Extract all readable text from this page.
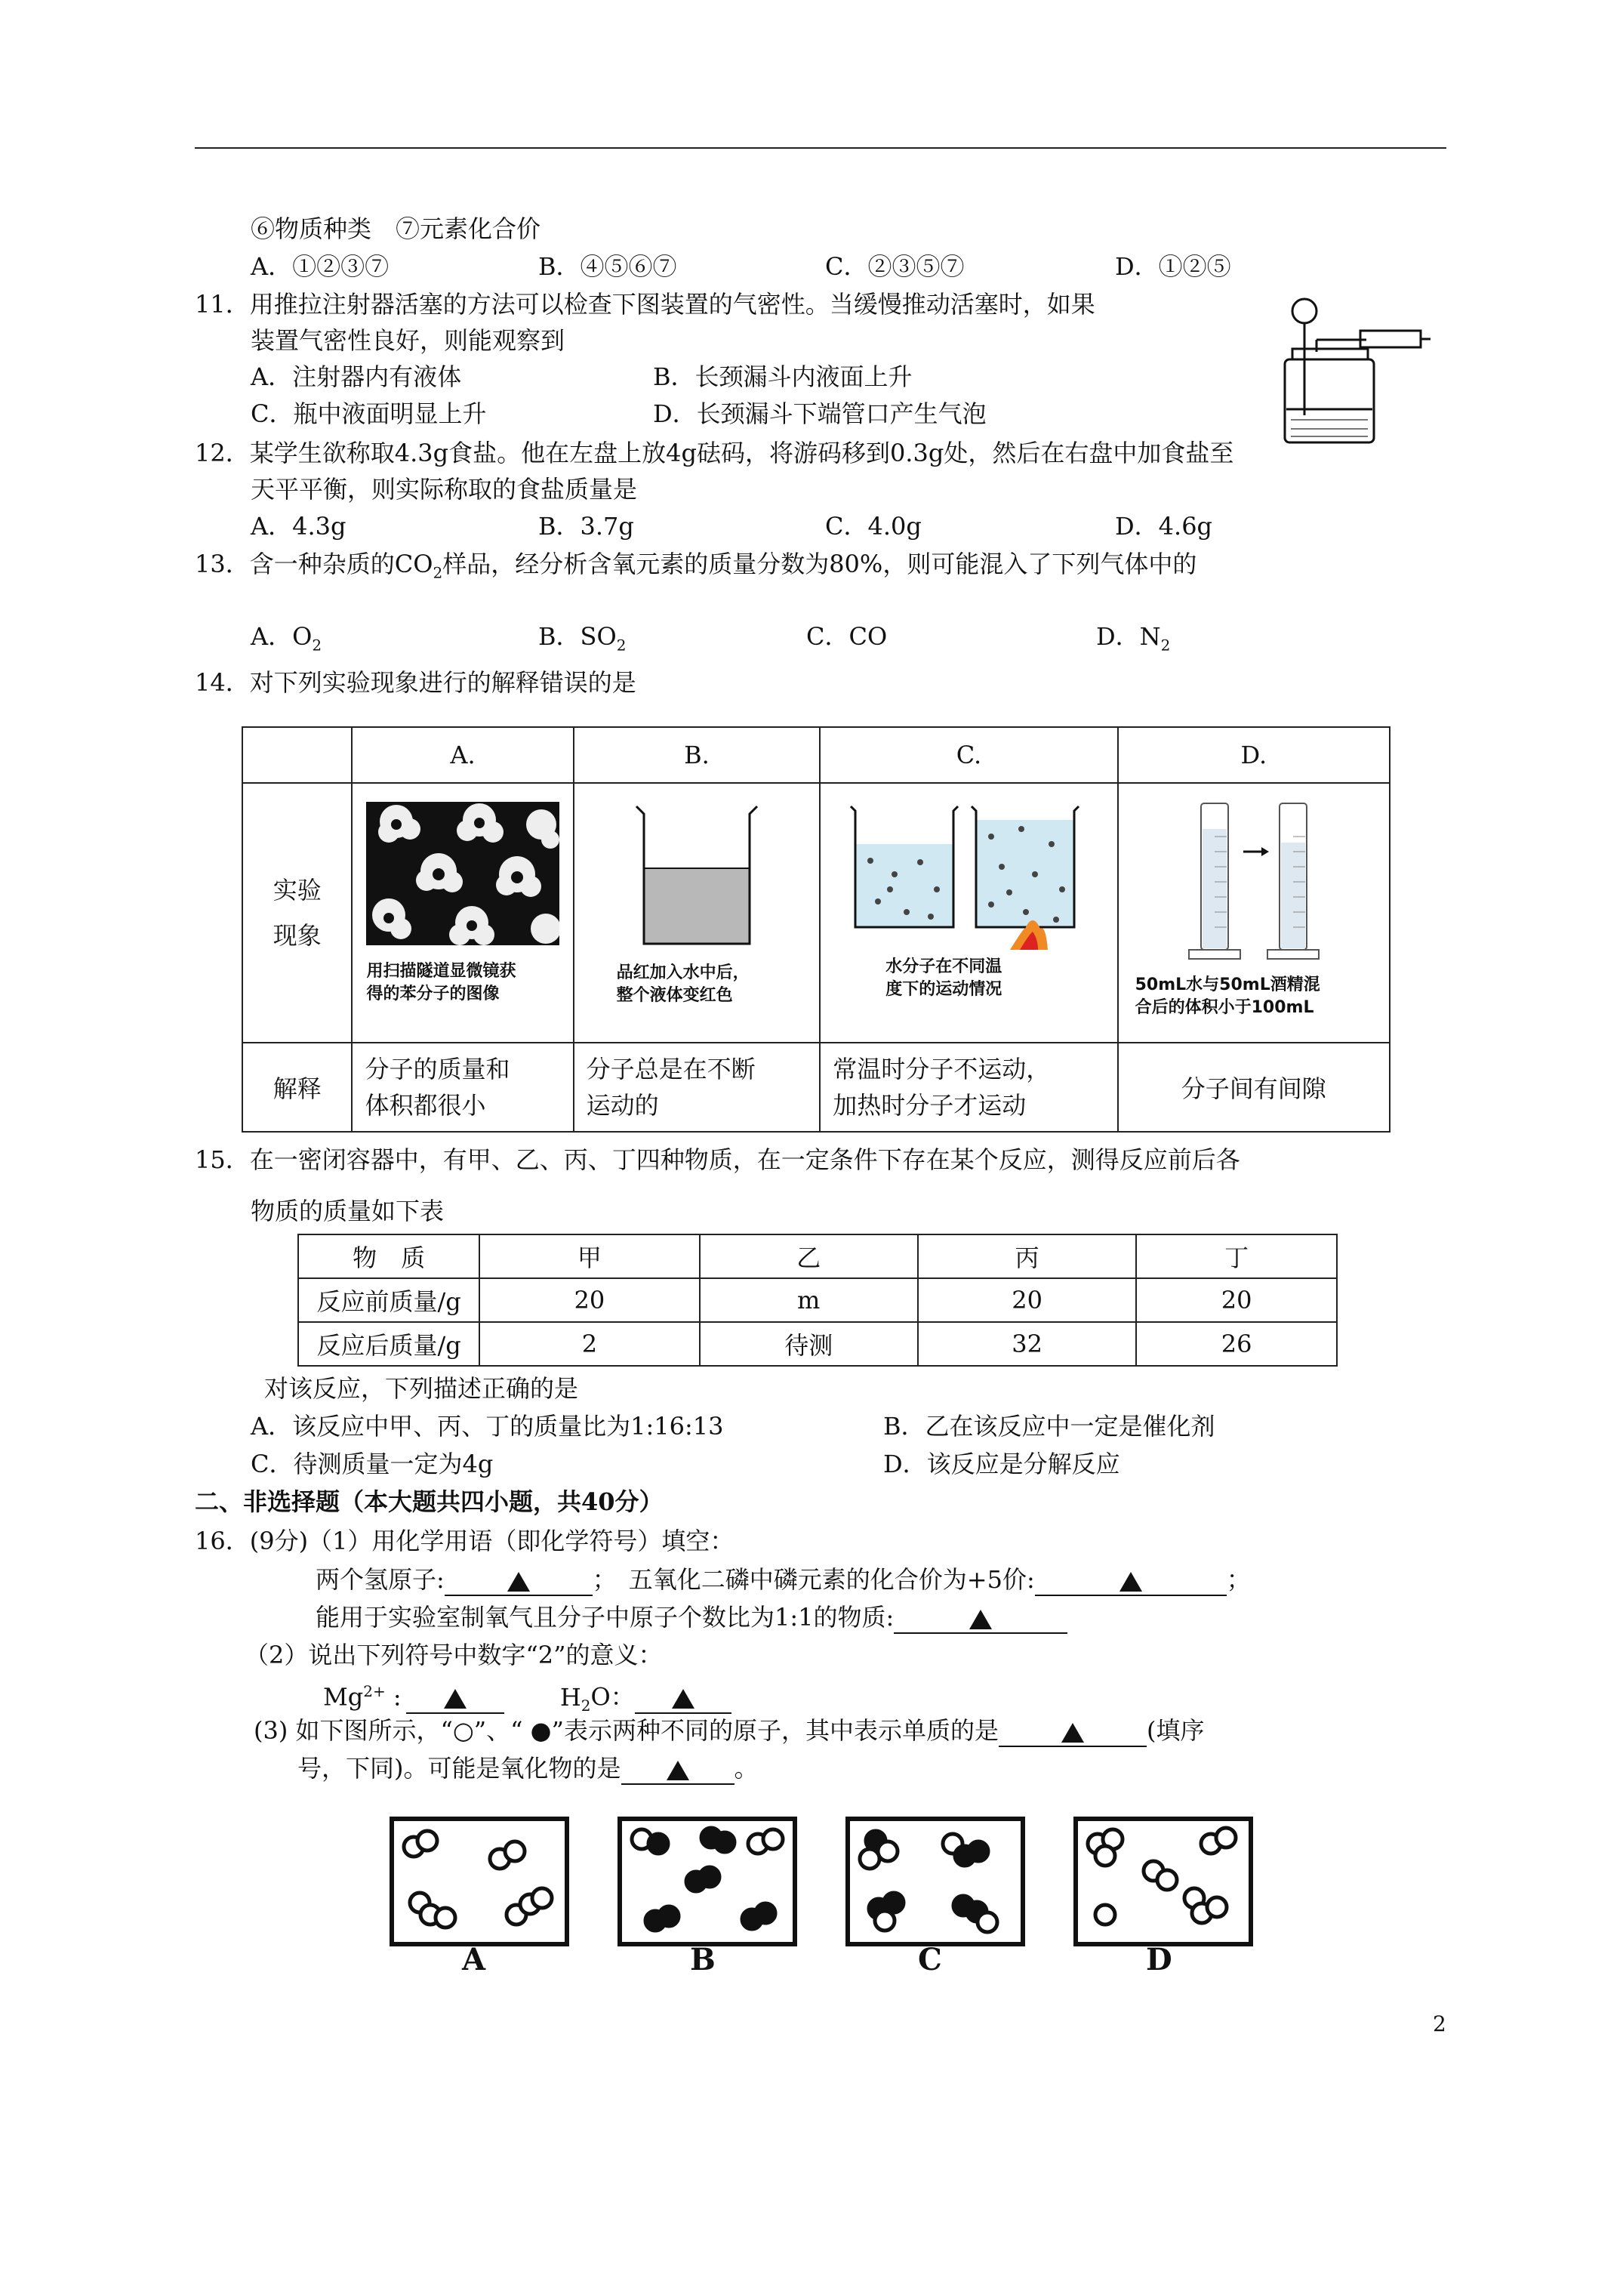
⑥物质种类　⑦元素化合价
A．①②③⑦	B．④⑤⑥⑦	C．②③⑤⑦	D．①②⑤
11．用推拉注射器活塞的方法可以检查下图装置的气密性。当缓慢推动活塞时，如果
装置气密性良好，则能观察到
A．注射器内有液体	B．长颈漏斗内液面上升
C．瓶中液面明显上升	D．长颈漏斗下端管口产生气泡
12．某学生欲称取4.3g食盐。他在左盘上放4g砝码，将游码移到0.3g处，然后在右盘中加食盐至
天平平衡，则实际称取的食盐质量是
A．4.3g	B．3.7g	C．4.0g	D．4.6g
13．含一种杂质的$CO_2$样品，经分析含氧元素的质量分数为80%，则可能混入了下列气体中的
A．$O_2$	B．$SO_2$	C．CO	D．$N_2$
14．对下列实验现象进行的解释错误的是
	A.	B.	C.	D.
实验
现象	用扫描隧道显微镜获
得的苯分子的图像	品红加入水中后，
整个液体变红色	水分子在不同温
度下的运动情况	50mL水与50mL酒精混
合后的体积小于100mL

解释	分子的质量和
体积都很小	分子总是在不断
运动的	常温时分子不运动，
加热时分子才运动	分子间有间隙
15．在一密闭容器中，有甲、乙、丙、丁四种物质，在一定条件下存在某个反应，测得反应前后各
物质的质量如下表
物　质	甲	乙	丙	丁
反应前质量/g	20	m	20	20
反应后质量/g	2	待测	32	26
对该反应，下列描述正确的是
A．该反应中甲、丙、丁的质量比为1:16:13	B．乙在该反应中一定是催化剂
C．待测质量一定为4g	D．该反应是分解反应
二、非选择题（本大题共四小题，共40分）
16．(9分)（1）用化学用语（即化学符号）填空：
两个氢原子:	；　五氧化二磷中磷元素的化合价为+5价:	；
能用于实验室制氧气且分子中原子个数比为1:1的物质:
（2）说出下列符号中数字“2”的意义：
$Mg^{2+}$ :	$H_2O$：
(3) 如下图所示，“○”、“ ●”表示两种不同的原子，其中表示单质的是	(填序
号，下同)。可能是氧化物的是	。
A	B	C	D
2
